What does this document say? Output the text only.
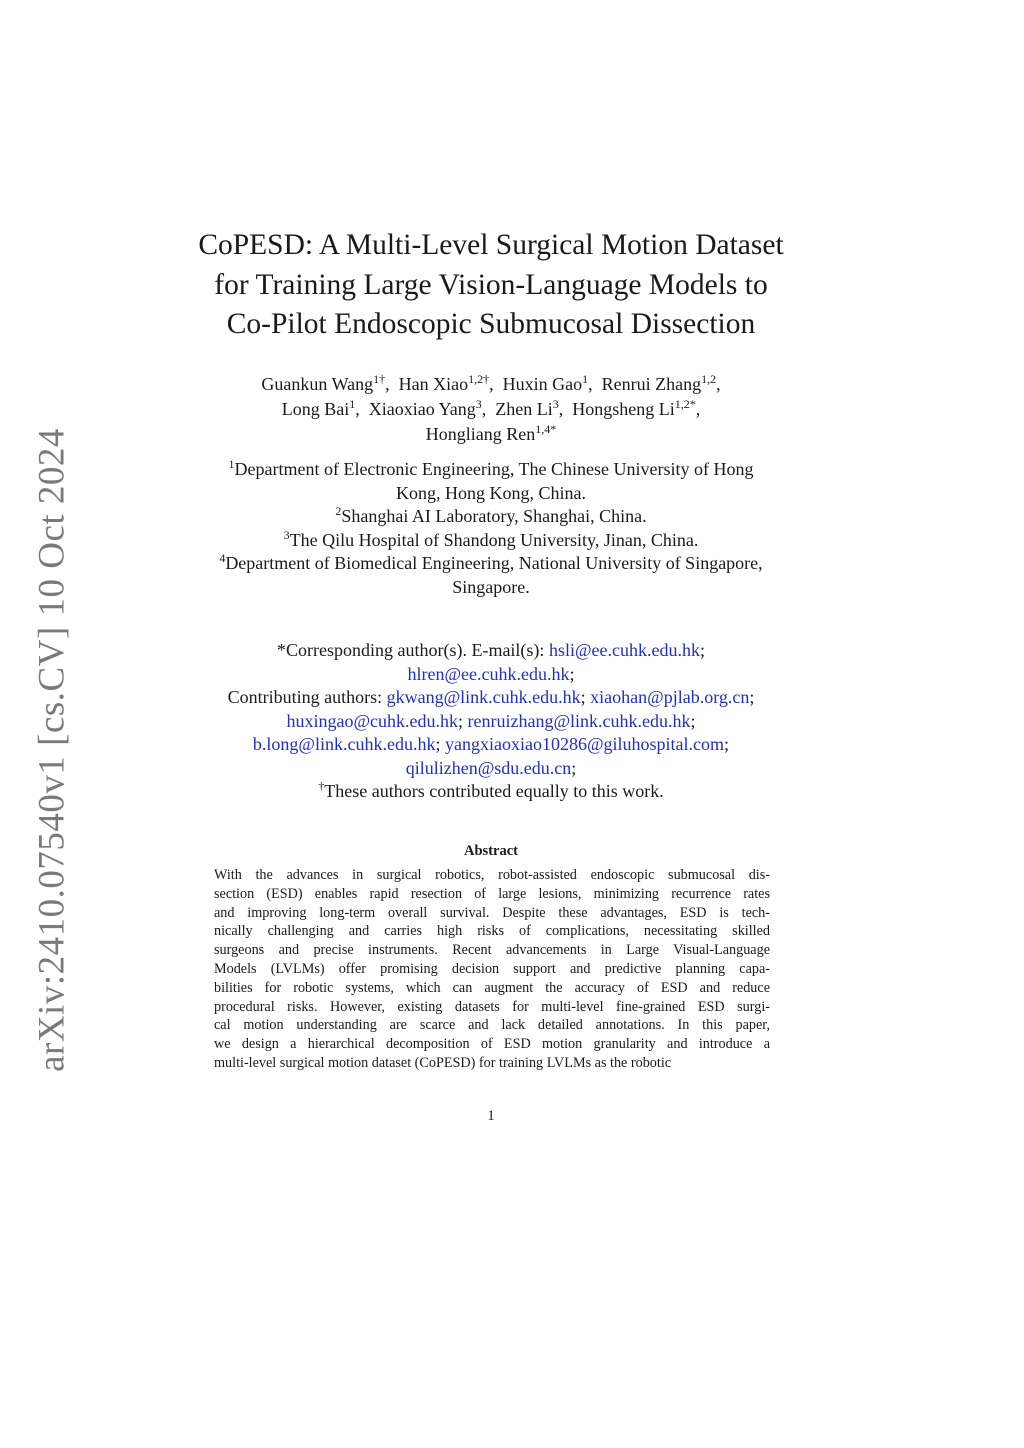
arXiv:2410.07540v1 [cs.CV] 10 Oct 2024
CoPESD: A Multi-Level Surgical Motion Dataset
for Training Large Vision-Language Models to
Co-Pilot Endoscopic Submucosal Dissection
Guankun Wang$^{1\dagger}$,  Han Xiao$^{1,2\dagger}$,  Huxin Gao$^1$,  Renrui Zhang$^{1,2}$,
Long Bai$^1$,  Xiaoxiao Yang$^3$,  Zhen Li$^3$,  Hongsheng $Li^{1,2*}$,
Hongliang Ren$^{1,4*}$
$^1$Department of Electronic Engineering, The Chinese University of Hong
Kong, Hong Kong, China.
$^2$Shanghai AI Laboratory, Shanghai, China.
$^3$The Qilu Hospital of Shandong University, Jinan, China.
$^4$Department of Biomedical Engineering, National University of Singapore,
Singapore.
*Corresponding author(s). E-mail(s): hsli@ee.cuhk.edu.hk;
hlren@ee.cuhk.edu.hk;
Contributing authors: gkwang@link.cuhk.edu.hk; xiaohan@pjlab.org.cn;
huxingao@cuhk.edu.hk; renruizhang@link.cuhk.edu.hk;
b.long@link.cuhk.edu.hk; yangxiaoxiao10286@giluhospital.com;
qilulizhen@sdu.edu.cn;
†These authors contributed equally to this work.
Abstract
With the advances in surgical robotics, robot-assisted endoscopic submucosal dis-
section (ESD) enables rapid resection of large lesions, minimizing recurrence rates
and improving long-term overall survival. Despite these advantages, ESD is tech-
nically challenging and carries high risks of complications, necessitating skilled
surgeons and precise instruments. Recent advancements in Large Visual-Language
Models (LVLMs) offer promising decision support and predictive planning capa-
bilities for robotic systems, which can augment the accuracy of ESD and reduce
procedural risks. However, existing datasets for multi-level fine-grained ESD surgi-
cal motion understanding are scarce and lack detailed annotations. In this paper,
we design a hierarchical decomposition of ESD motion granularity and introduce a
multi-level surgical motion dataset (CoPESD) for training LVLMs as the robotic
1
